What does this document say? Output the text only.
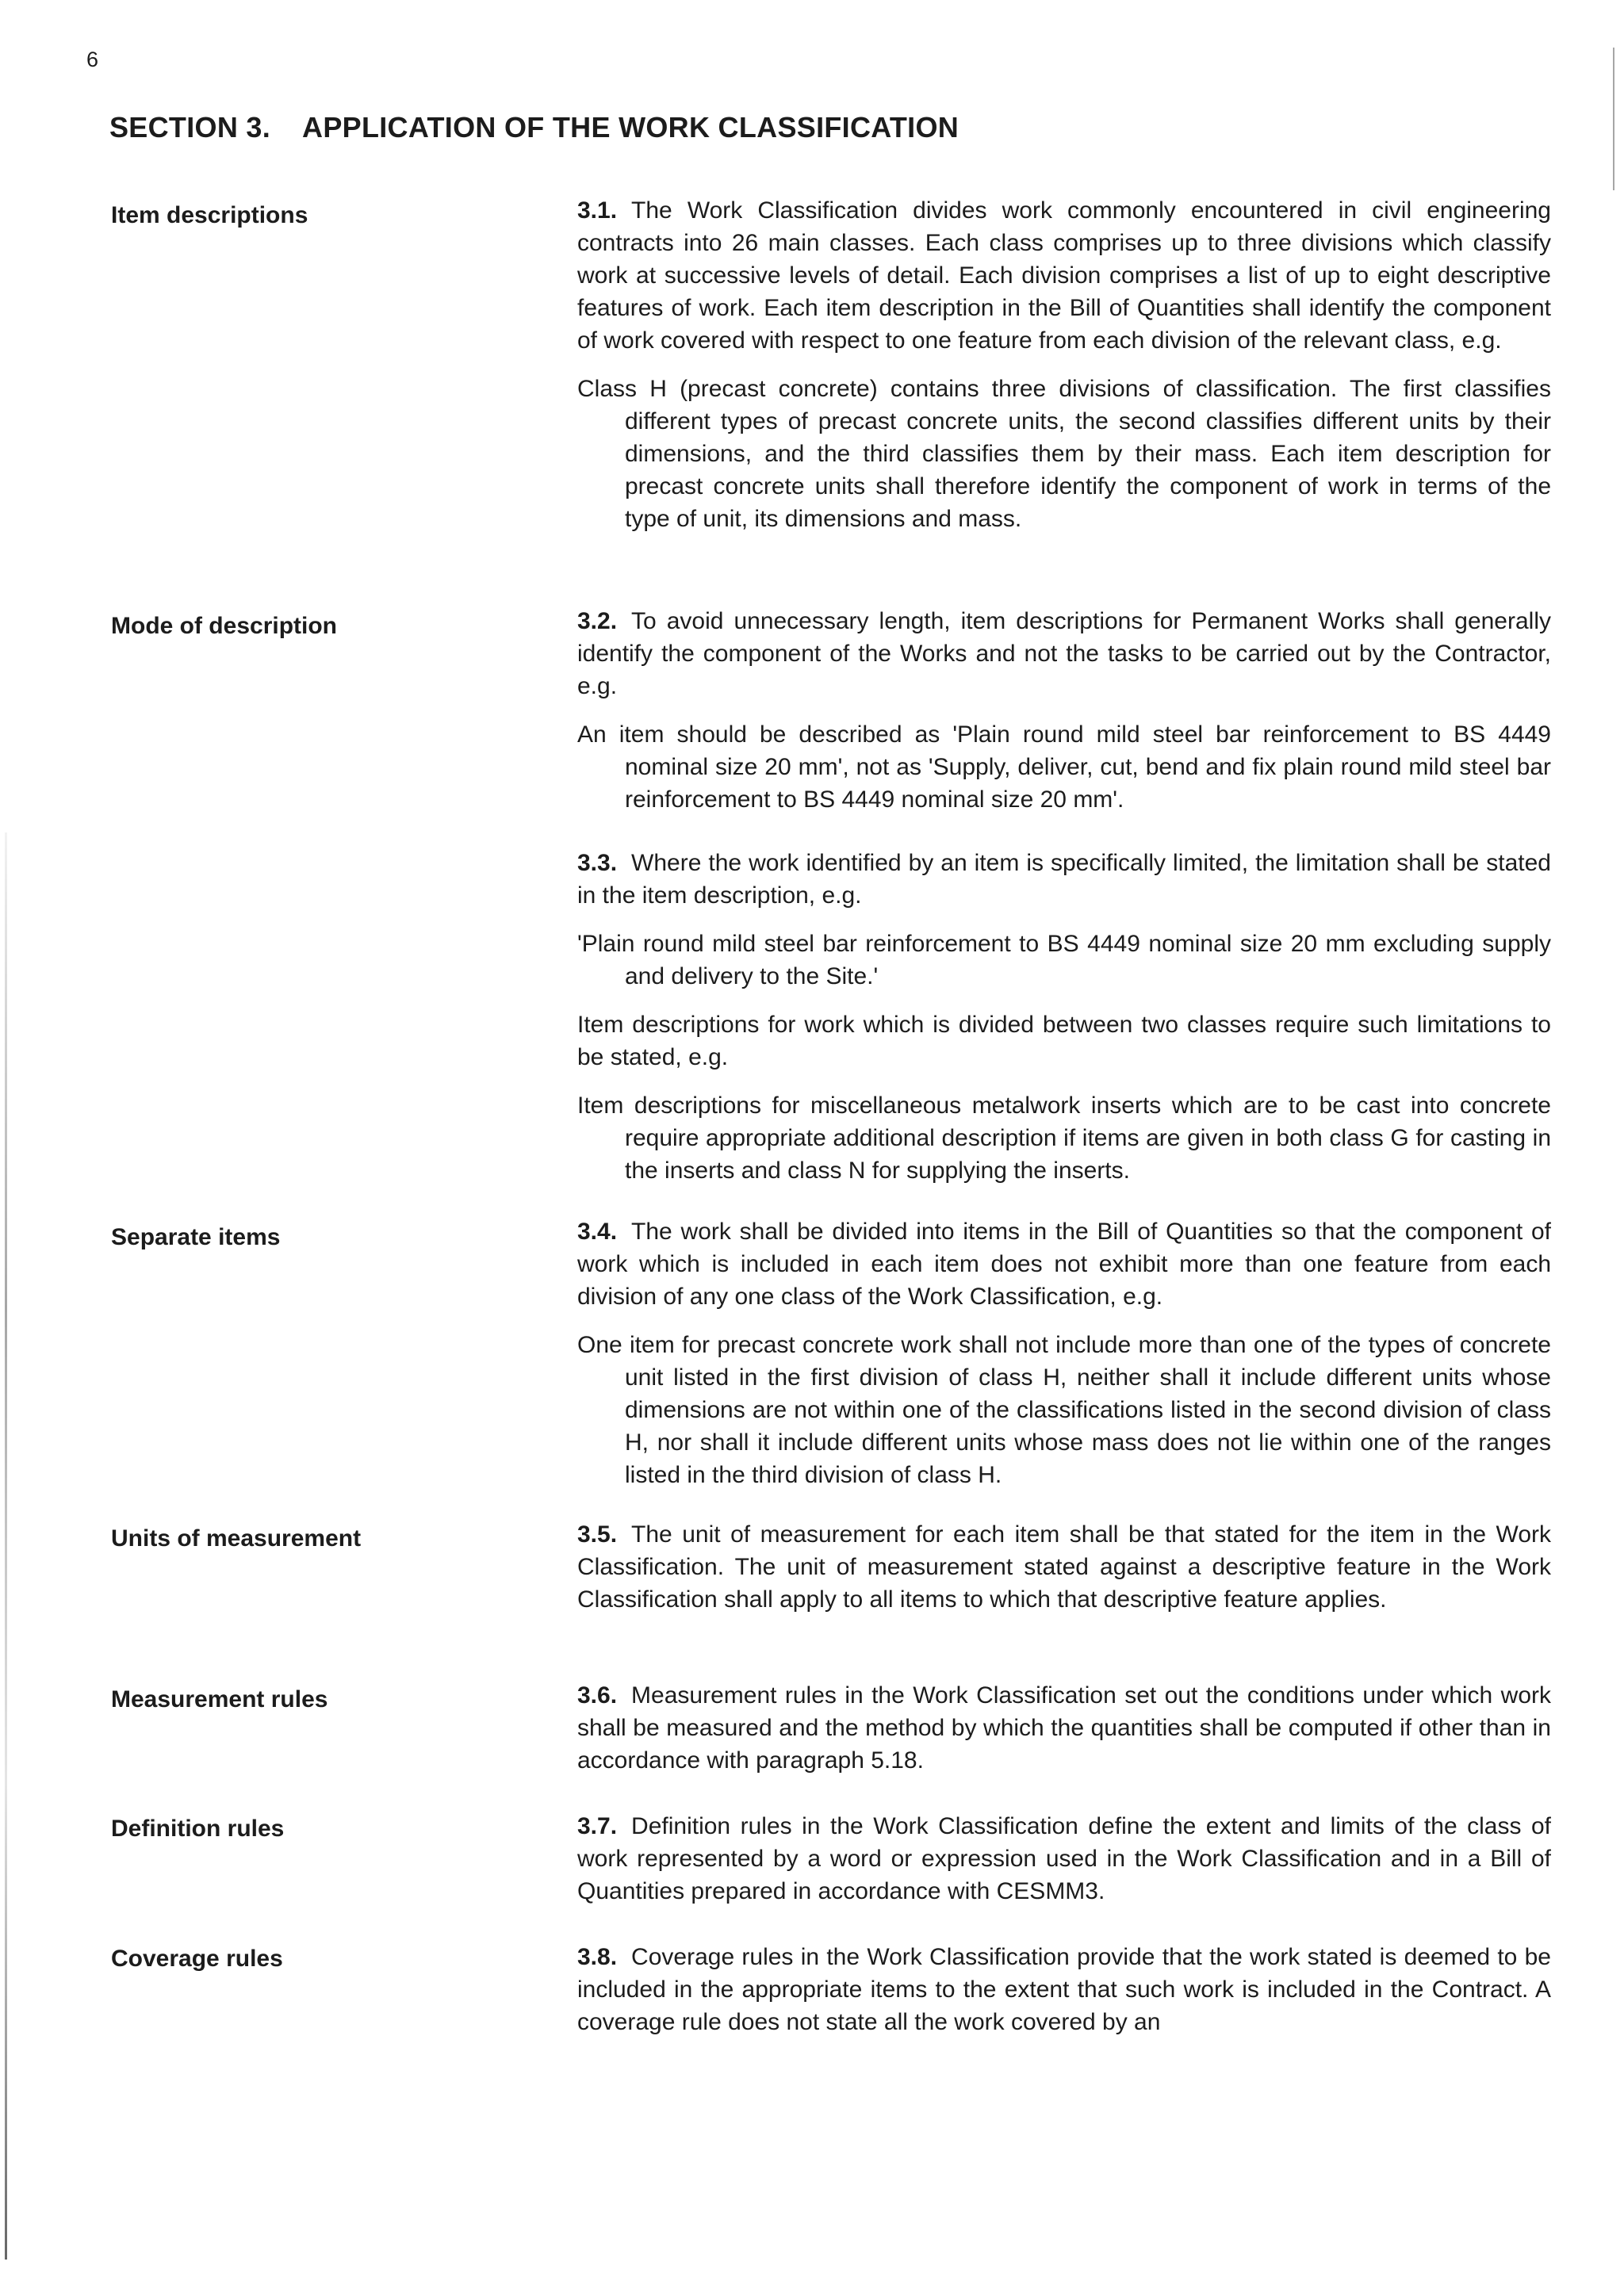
6
SECTION 3. APPLICATION OF THE WORK CLASSIFICATION
Item descriptions	3.1. The Work Classification divides work commonly encountered in civil engineering contracts into 26 main classes. Each class comprises up to three divisions which classify work at successive levels of detail. Each division comprises a list of up to eight descriptive features of work. Each item description in the Bill of Quantities shall identify the component of work covered with respect to one feature from each division of the relevant class, e.g.

Class H (precast concrete) contains three divisions of classification. The first classifies different types of precast concrete units, the second classifies different units by their dimensions, and the third classifies them by their mass. Each item description for precast concrete units shall therefore identify the component of work in terms of the type of unit, its dimensions and mass.

Mode of description	3.2. To avoid unnecessary length, item descriptions for Permanent Works shall generally identify the component of the Works and not the tasks to be carried out by the Contractor, e.g.

An item should be described as 'Plain round mild steel bar reinforcement to BS 4449 nominal size 20 mm', not as 'Supply, deliver, cut, bend and fix plain round mild steel bar reinforcement to BS 4449 nominal size 20 mm'.

3.3. Where the work identified by an item is specifically limited, the limitation shall be stated in the item description, e.g.

'Plain round mild steel bar reinforcement to BS 4449 nominal size 20 mm excluding supply and delivery to the Site.'

Item descriptions for work which is divided between two classes require such limitations to be stated, e.g.

Item descriptions for miscellaneous metalwork inserts which are to be cast into concrete require appropriate additional description if items are given in both class G for casting in the inserts and class N for supplying the inserts.

Separate items	3.4. The work shall be divided into items in the Bill of Quantities so that the component of work which is included in each item does not exhibit more than one feature from each division of any one class of the Work Classification, e.g.

One item for precast concrete work shall not include more than one of the types of concrete unit listed in the first division of class H, neither shall it include different units whose dimensions are not within one of the classifications listed in the second division of class H, nor shall it include different units whose mass does not lie within one of the ranges listed in the third division of class H.

Units of measurement	3.5. The unit of measurement for each item shall be that stated for the item in the Work Classification. The unit of measurement stated against a descriptive feature in the Work Classification shall apply to all items to which that descriptive feature applies.

Measurement rules	3.6. Measurement rules in the Work Classification set out the conditions under which work shall be measured and the method by which the quantities shall be computed if other than in accordance with paragraph 5.18.

Definition rules	3.7. Definition rules in the Work Classification define the extent and limits of the class of work represented by a word or expression used in the Work Classification and in a Bill of Quantities prepared in accordance with CESMM3.

Coverage rules	3.8. Coverage rules in the Work Classification provide that the work stated is deemed to be included in the appropriate items to the extent that such work is included in the Contract. A coverage rule does not state all the work covered by an
